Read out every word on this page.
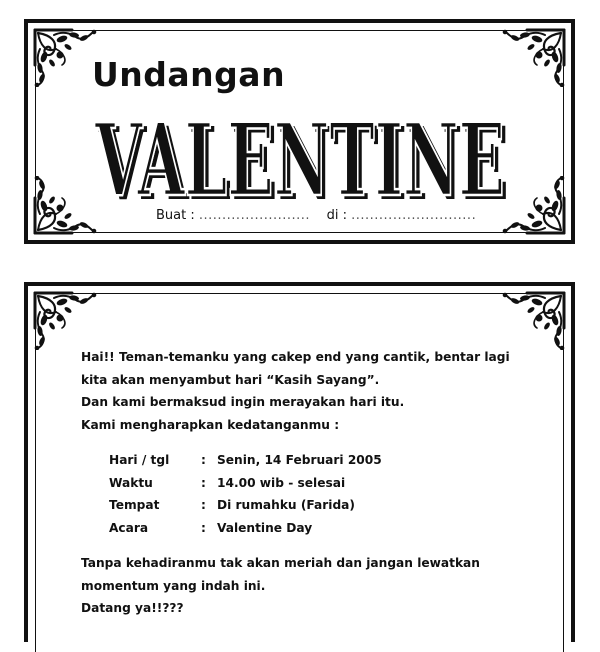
Undangan
VALENTINE
VALENTINE
Buat : ........................ di : ...........................

Hai!! Teman-temanku yang cakep end yang cantik, bentar lagi

kita akan menyambut hari “Kasih Sayang”.

Dan kami bermaksud ingin merayakan hari itu.

Kami mengharapkan kedatanganmu :

Hari / tgl	: Senin, 14 Februari 2005
Waktu	: 14.00 wib - selesai
Tempat	: Di rumahku (Farida)
Acara	: Valentine Day

Tanpa kehadiranmu tak akan meriah dan jangan lewatkan

momentum yang indah ini.

Datang ya!!???
